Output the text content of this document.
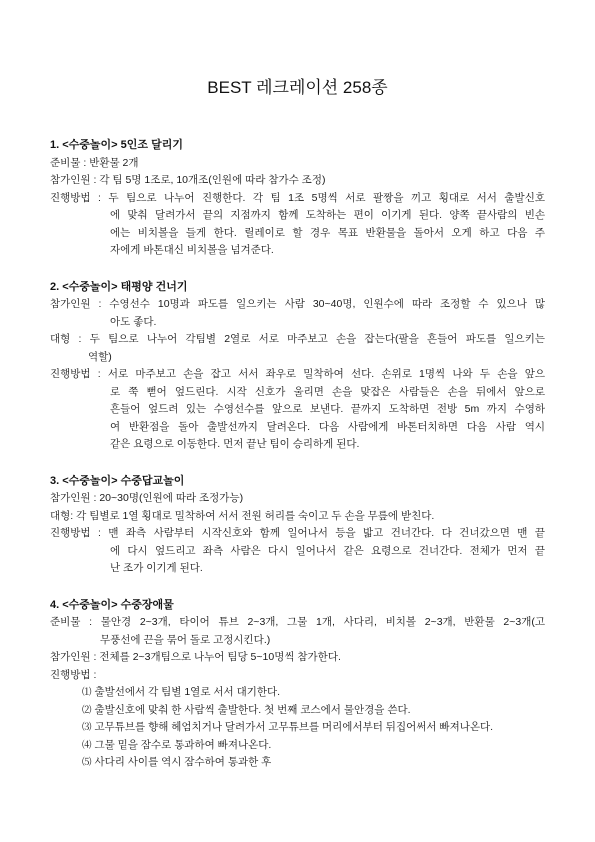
BEST 레크레이션 258종
1. <수중놀이> 5인조 달리기
준비물 : 반환물 2개
참가인원 : 각 팀 5명 1조로, 10개조(인원에 따라 참가수 조정)
진행방법 : 두 팀으로 나누어 진행한다. 각 팀 1조 5명씩 서로 팔짱을 끼고 횡대로 서서 출발신호
에 맞춰 달려가서 끝의 지점까지 함께 도착하는 편이 이기게 된다. 양쪽 끝사람의 빈손
에는 비치볼을 들게 한다. 릴레이로 할 경우 목표 반환물을 돌아서 오게 하고 다음 주
자에게 바톤대신 비치볼을 넘겨준다.
2. <수중놀이> 태평양 건너기
참가인원 : 수영선수 10명과 파도를 일으키는 사람 30~40명, 인원수에 따라 조정할 수 있으나 많
아도 좋다.
대형 : 두 팀으로 나누어 각팀별 2열로 서로 마주보고 손을 잡는다(팔을 흔들어 파도를 일으키는
역할)
진행방법 : 서로 마주보고 손을 잡고 서서 좌우로 밀착하여 선다. 손위로 1명씩 나와 두 손을 앞으
로 쭉 뻗어 엎드린다. 시작 신호가 울리면 손을 맞잡은 사람들은 손을 뒤에서 앞으로
흔들어 엎드려 있는 수영선수를 앞으로 보낸다. 끝까지 도착하면 전방 5m 까지 수영하
여 반환점을 돌아 출발선까지 달려온다. 다음 사람에게 바톤터치하면 다음 사람 역시
같은 요령으로 이동한다. 먼저 끝난 팀이 승리하게 된다.
3. <수중놀이> 수중답교놀이
참가인원 : 20~30명(인원에 따라 조정가능)
대형: 각 팀별로 1열 횡대로 밀착하여 서서 전원 허리를 숙이고 두 손을 무릎에 받친다.
진행방법 : 맨 좌측 사람부터 시작신호와 함께 일어나서 등을 밟고 건너간다. 다 건너갔으면 맨 끝
에 다시 엎드리고 좌측 사람은 다시 일어나서 같은 요령으로 건너간다. 전체가 먼저 끝
난 조가 이기게 된다.
4. <수중놀이> 수중장애물
준비물 : 물안경 2~3개, 타이어 튜브 2~3개, 그물 1개, 사다리, 비치볼 2~3개, 반환물 2~3개(고
무풍선에 끈을 묶어 돌로 고정시킨다.)
참가인원 : 전체를 2~3개팀으로 나누어 팀당 5~10명씩 참가한다.
진행방법 :
⑴ 출발선에서 각 팀별 1열로 서서 대기한다.
⑵ 출발신호에 맞춰 한 사람씩 출발한다. 첫 번째 코스에서 물안경을 쓴다.
⑶ 고무튜브를 향해 헤엄치거나 달려가서 고무튜브를 머리에서부터 뒤집어써서 빠져나온다.
⑷ 그물 밑을 잠수로 통과하여 빠져나온다.
⑸ 사다리 사이를 역시 잠수하여 통과한 후
